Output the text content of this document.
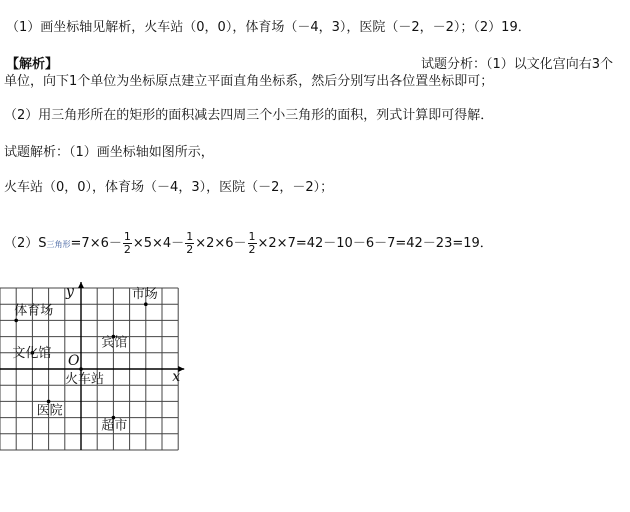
（1）画坐标轴见解析，火车站（0，0），体育场（－4，3），医院（－2，－2）；（2）19．
【解析】	试题分析：（1）以文化宫向右3个
单位，向下1个单位为坐标原点建立平面直角坐标系，然后分别写出各位置坐标即可；
（2）用三角形所在的矩形的面积减去四周三个小三角形的面积，列式计算即可得解．
试题解析：（1）画坐标轴如图所示，
火车站（0，0），体育场（－4，3），医院（－2，－2）；
（2）S三角形$=7\times 6- \frac{1}{2} \times 5\times 4- \frac{1}{2} \times 2\times 6- \frac{1}{2} \times 2\times 7=42-10-6-7=42-23=19$．
x
y
O
体育场
市场
宾馆
文化馆
火车站
医院
超市
